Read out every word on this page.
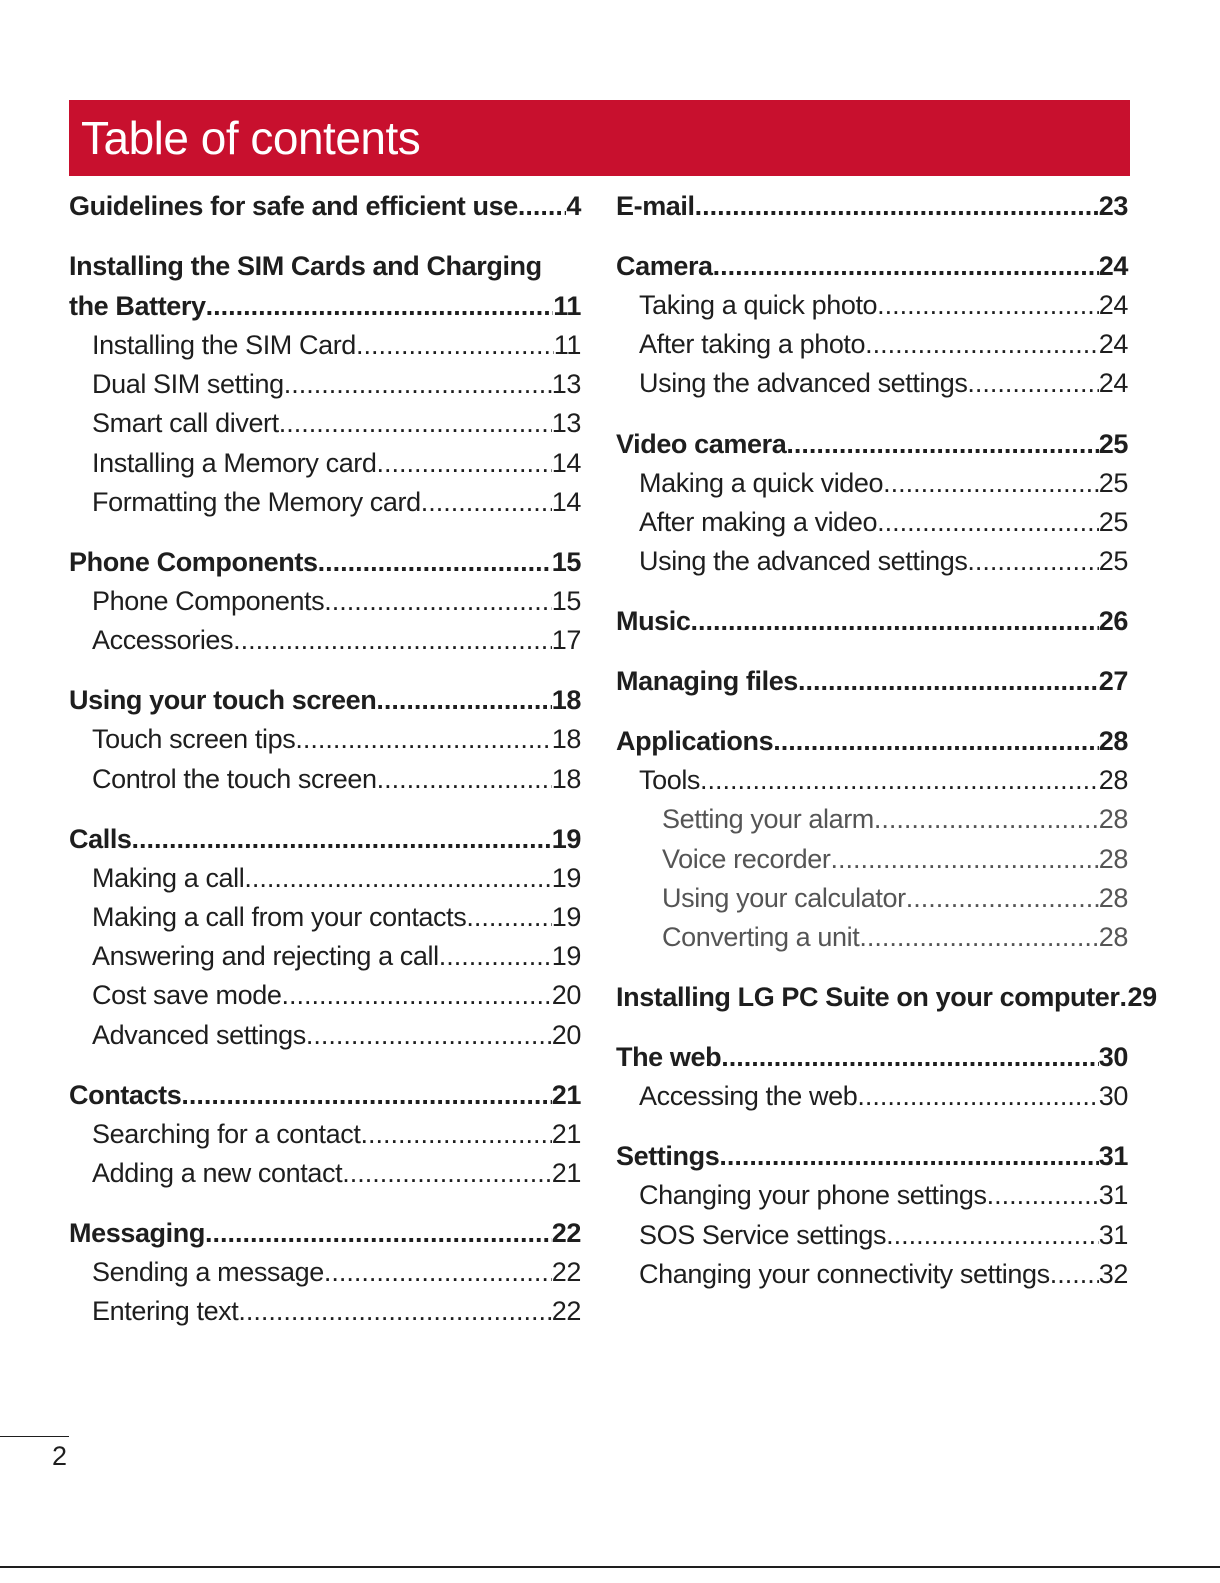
Table of contents
Guidelines for safe and efficient use ..... 4
Installing the SIM Cards and Charging
the Battery .....	11
Installing the SIM Card .....	11
Dual SIM setting .....	13
Smart call divert .....	13
Installing a Memory card .....	14
Formatting the Memory card .....	14
Phone Components .....	15
Phone Components .....	15
Accessories .....	17
Using your touch screen .....	18
Touch screen tips .....	18
Control the touch screen .....	18
Calls .....	19
Making a call .....	19
Making a call from your contacts .....	19
Answering and rejecting a call .....	19
Cost save mode .....	20
Advanced settings .....	20
Contacts .....	21
Searching for a contact .....	21
Adding a new contact .....	21
Messaging .....	22
Sending a message .....	22
Entering text .....	22
E-mail .....	23
Camera .....	24
Taking a quick photo .....	24
After taking a photo .....	24
Using the advanced settings .....	24
Video camera .....	25
Making a quick video .....	25
After making a video .....	25
Using the advanced settings .....	25
Music .....	26
Managing files .....	27
Applications .....	28
Tools .....	28
Setting your alarm .....	28
Voice recorder .....	28
Using your calculator .....	28
Converting a unit .....	28
Installing LG PC Suite on your computer ..... 29
The web .....	30
Accessing the web .....	30
Settings .....	31
Changing your phone settings .....	31
SOS Service settings .....	31
Changing your connectivity settings ..... 32
2
